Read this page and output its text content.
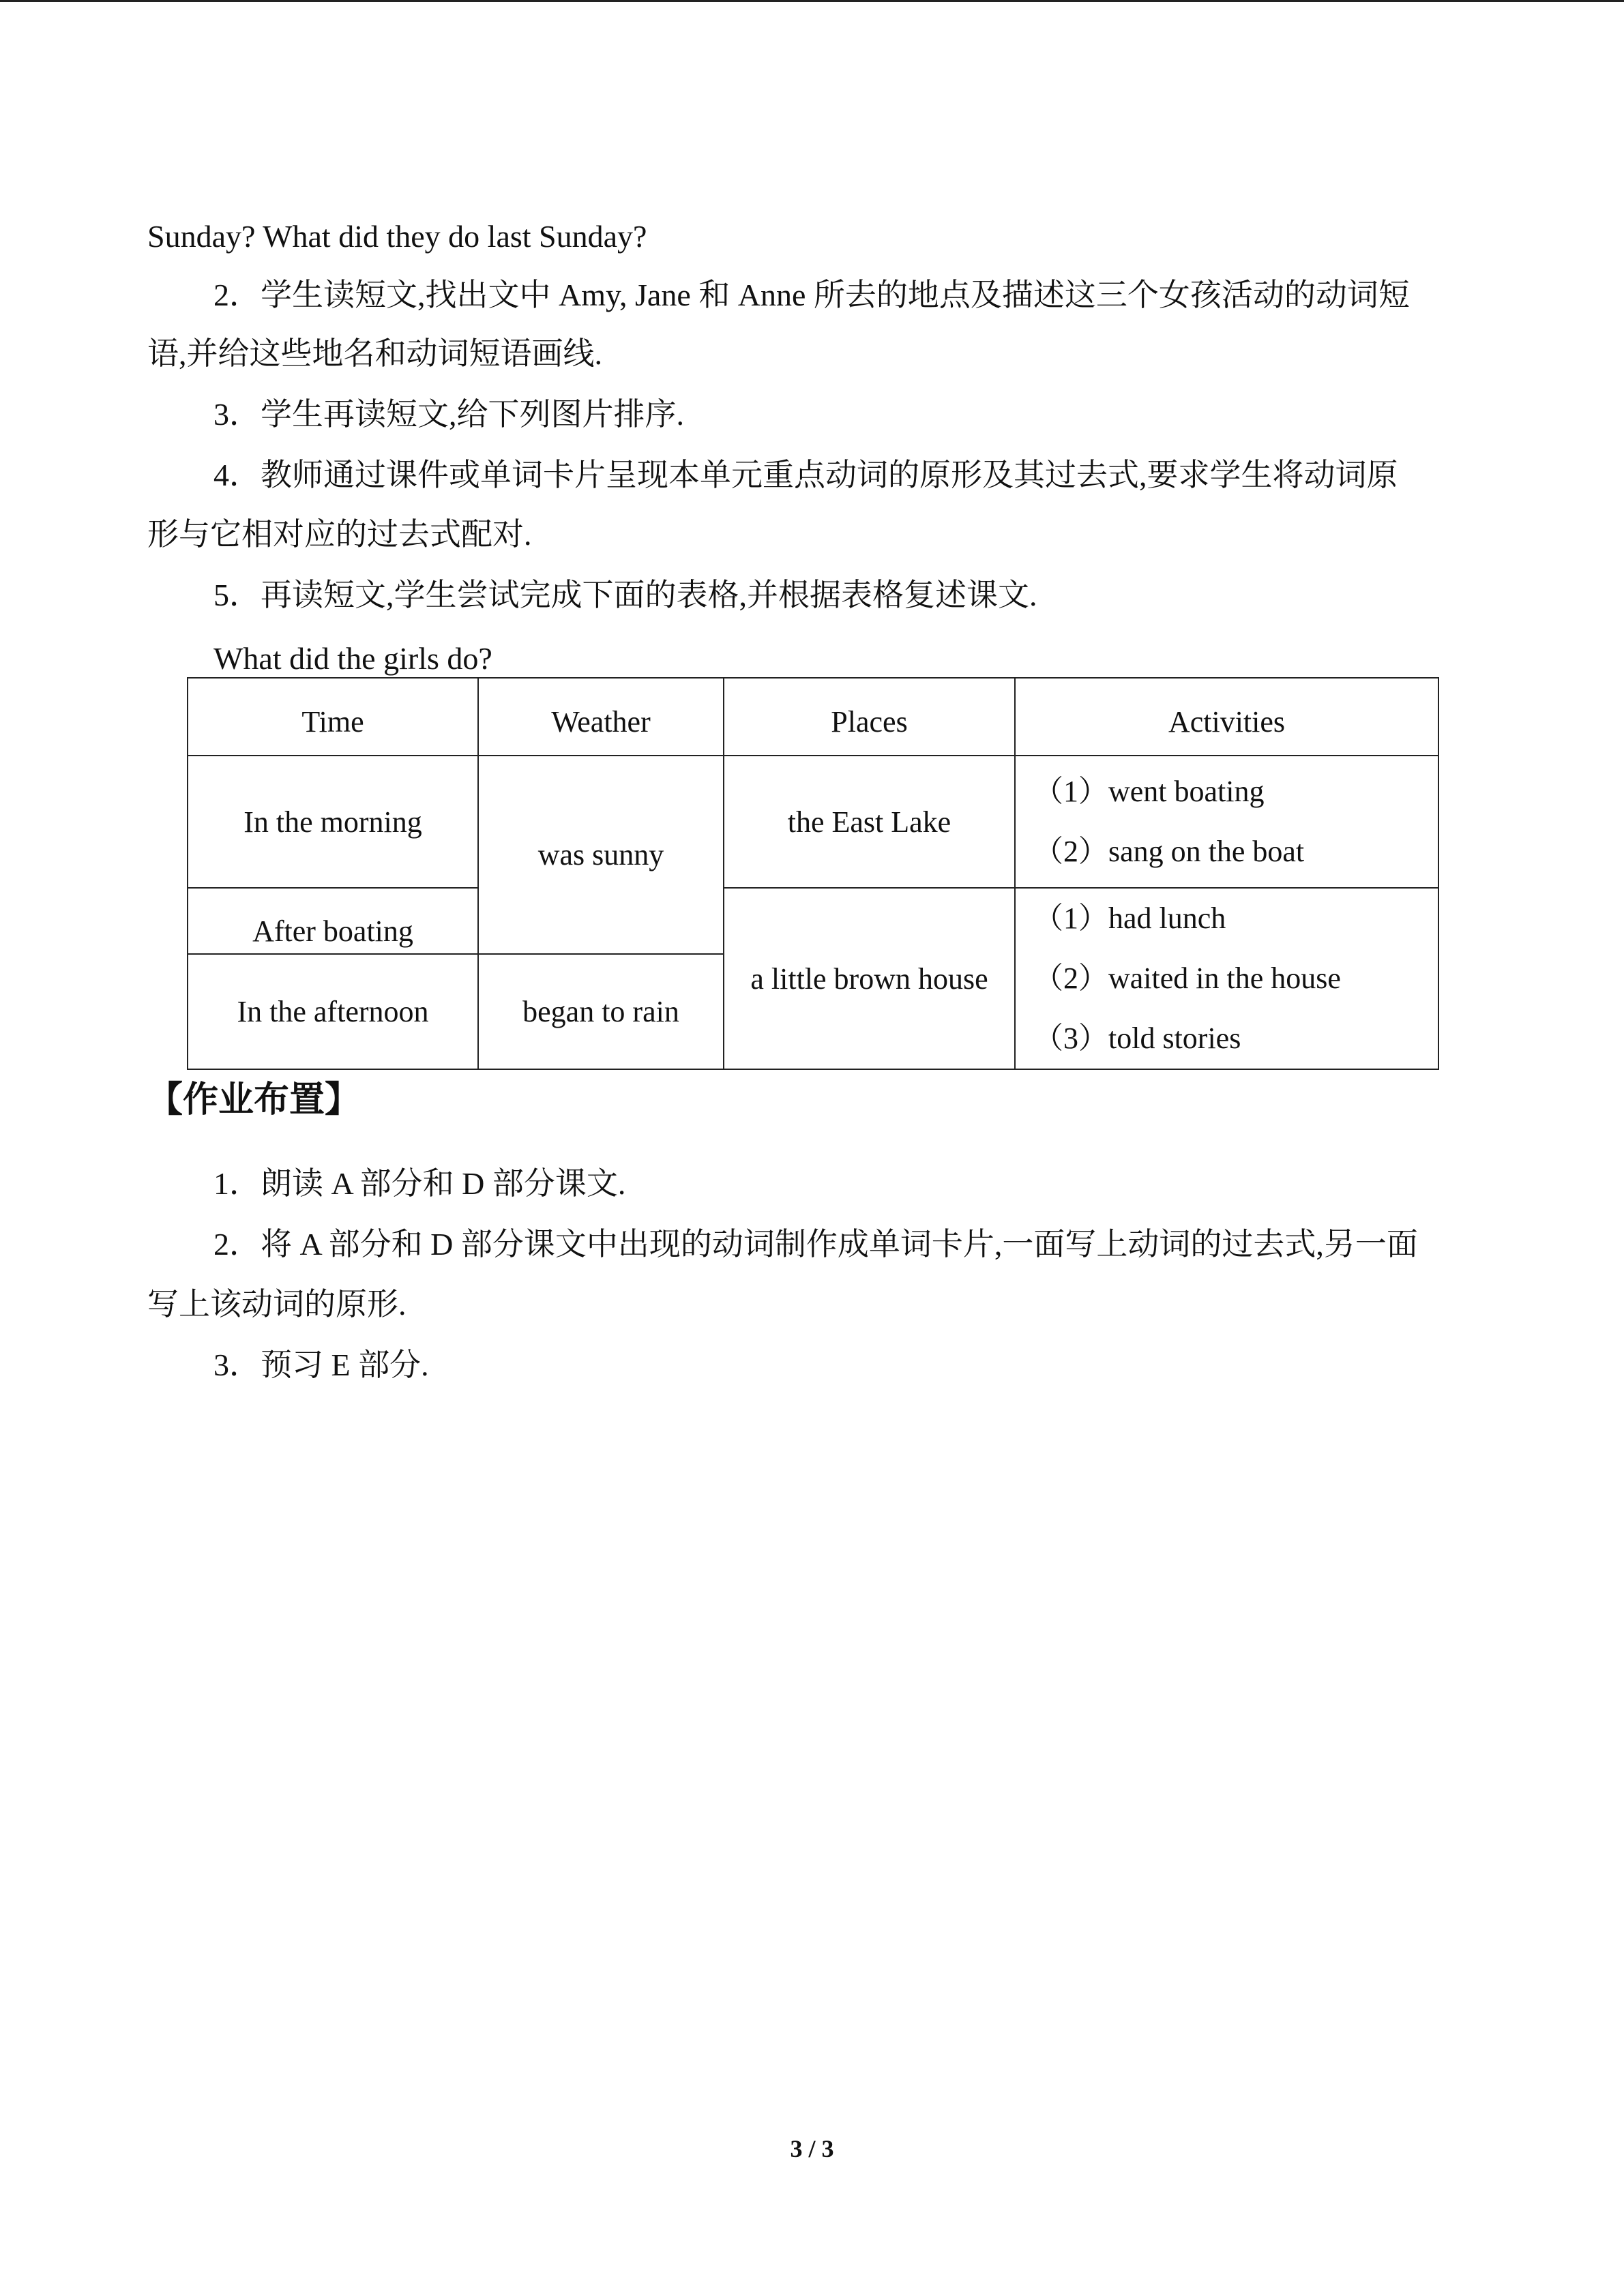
Sunday? What did they do last Sunday?
2．学生读短文,找出文中 Amy, Jane 和 Anne 所去的地点及描述这三个女孩活动的动词短
语,并给这些地名和动词短语画线.
3．学生再读短文,给下列图片排序.
4．教师通过课件或单词卡片呈现本单元重点动词的原形及其过去式,要求学生将动词原
形与它相对应的过去式配对.
5．再读短文,学生尝试完成下面的表格,并根据表格复述课文.
What did the girls do?
Time	Weather	Places	Activities
In the morning	was sunny	the East Lake	（1）went boating
（2）sang on the boat

After boating		a little brown house	（1）had lunch
（2）waited in the house
（3）told stories

In the afternoon	began to rain		
【作业布置】
1．朗读 A 部分和 D 部分课文.
2．将 A 部分和 D 部分课文中出现的动词制作成单词卡片,一面写上动词的过去式,另一面
写上该动词的原形.
3．预习 E 部分.
3 / 3
